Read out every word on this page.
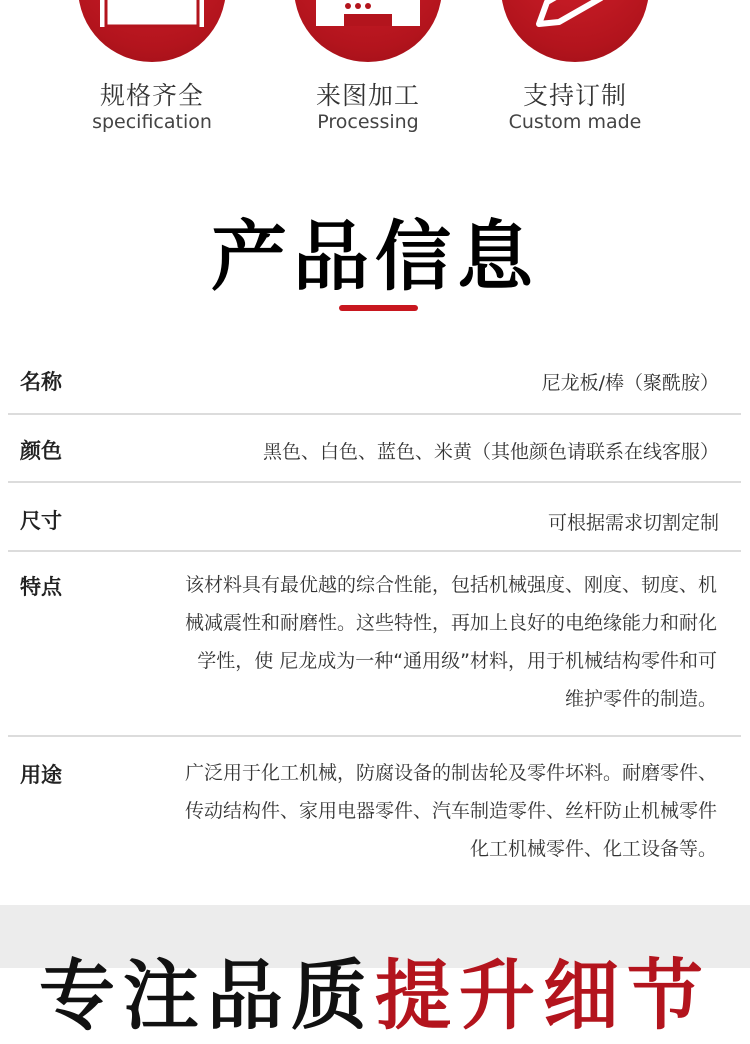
规格齐全
specification
来图加工
Processing
支持订制
Custom made
产品信息
名称	尼龙板/棒（聚酰胺）
颜色	黑色、白色、蓝色、米黄（其他颜色请联系在线客服）
尺寸	可根据需求切割定制
特点	该材料具有最优越的综合性能，包括机械强度、刚度、韧度、机
械减震性和耐磨性。这些特性，再加上良好的电绝缘能力和耐化
学性，使 尼龙成为一种“通用级”材料，用于机械结构零件和可
维护零件的制造。
用途	广泛用于化工机械，防腐设备的制齿轮及零件坏料。耐磨零件、
传动结构件、家用电器零件、汽车制造零件、丝杆防止机械零件
化工机械零件、化工设备等。
专注品质提升细节
